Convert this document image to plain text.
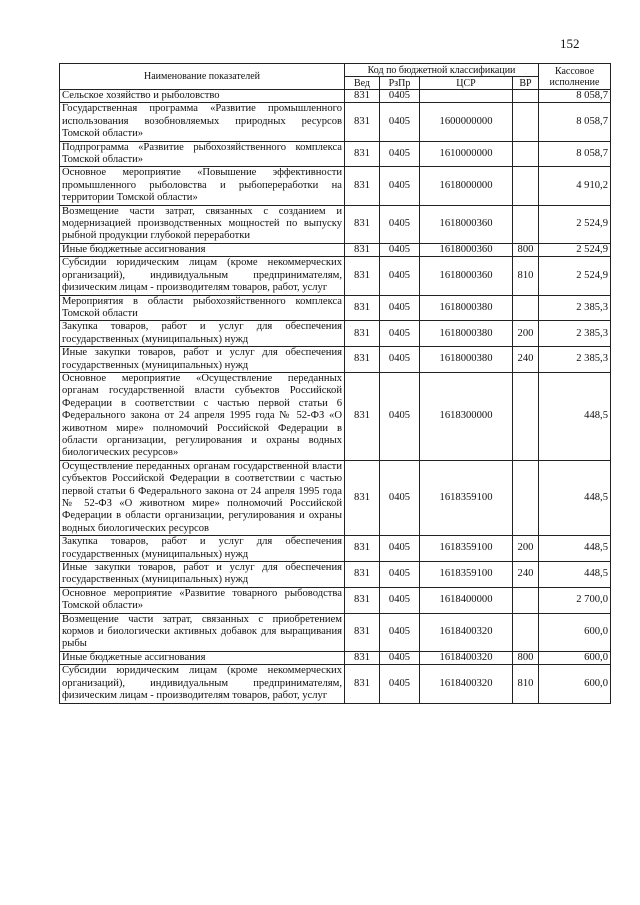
152
Наименование показателей	Код по бюджетной классификации				Кассовое исполнение
	Вед	РзПр	ЦСР	ВР	
Сельское хозяйство и рыболовство	831	0405			8 058,7
Государственная программа «Развитие промышленного использования возобновляемых природных ресурсов Томской области»	831	0405	1600000000		8 058,7
Подпрограмма «Развитие рыбохозяйственного комплекса Томской области»	831	0405	1610000000		8 058,7
Основное мероприятие «Повышение эффективности промышленного рыболовства и рыбопереработки на территории Томской области»	831	0405	1618000000		4 910,2
Возмещение части затрат, связанных с созданием и модернизацией производственных мощностей по выпуску рыбной продукции глубокой переработки	831	0405	1618000360		2 524,9
Иные бюджетные ассигнования	831	0405	1618000360	800	2 524,9
Субсидии юридическим лицам (кроме некоммерческих организаций), индивидуальным предпринимателям, физическим лицам - производителям товаров, работ, услуг	831	0405	1618000360	810	2 524,9
Мероприятия в области рыбохозяйственного комплекса Томской области	831	0405	1618000380		2 385,3
Закупка товаров, работ и услуг для обеспечения государственных (муниципальных) нужд	831	0405	1618000380	200	2 385,3
Иные закупки товаров, работ и услуг для обеспечения государственных (муниципальных) нужд	831	0405	1618000380	240	2 385,3
Основное мероприятие «Осуществление переданных органам государственной власти субъектов Российской Федерации в соответствии с частью первой статьи 6 Федерального закона от 24 апреля 1995 года № 52-ФЗ «О животном мире» полномочий Российской Федерации в области организации, регулирования и охраны водных биологических ресурсов»	831	0405	1618300000		448,5
Осуществление переданных органам государственной власти субъектов Российской Федерации в соответствии с частью первой статьи 6 Федерального закона от 24 апреля 1995 года № 52-ФЗ «О животном мире» полномочий Российской Федерации в области организации, регулирования и охраны водных биологических ресурсов	831	0405	1618359100		448,5
Закупка товаров, работ и услуг для обеспечения государственных (муниципальных) нужд	831	0405	1618359100	200	448,5
Иные закупки товаров, работ и услуг для обеспечения государственных (муниципальных) нужд	831	0405	1618359100	240	448,5
Основное мероприятие «Развитие товарного рыбоводства Томской области»	831	0405	1618400000		2 700,0
Возмещение части затрат, связанных с приобретением кормов и биологически активных добавок для выращивания рыбы	831	0405	1618400320		600,0
Иные бюджетные ассигнования	831	0405	1618400320	800	600,0
Субсидии юридическим лицам (кроме некоммерческих организаций), индивидуальным предпринимателям, физическим лицам - производителям товаров, работ, услуг	831	0405	1618400320	810	600,0
